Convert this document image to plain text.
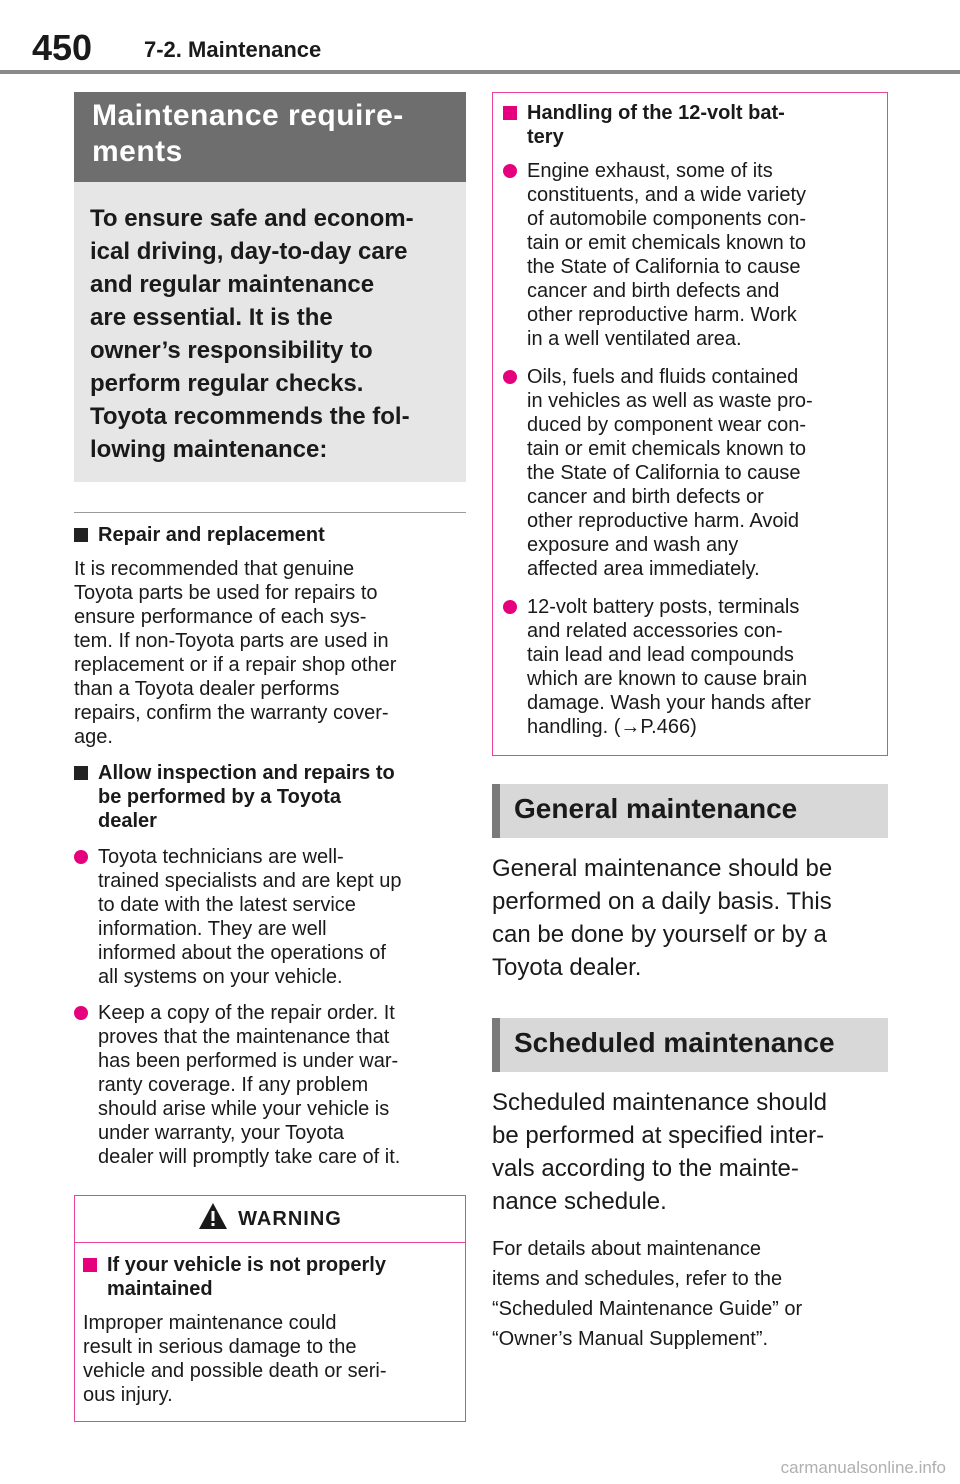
450 7-2. Maintenance
Maintenance require-
ments
To ensure safe and econom-
ical driving, day-to-day care
and regular maintenance
are essential. It is the
owner’s responsibility to
perform regular checks.
Toyota recommends the fol-
lowing maintenance:
Repair and replacement
It is recommended that genuine
Toyota parts be used for repairs to
ensure performance of each sys-
tem. If non-Toyota parts are used in
replacement or if a repair shop other
than a Toyota dealer performs
repairs, confirm the warranty cover-
age.
Allow inspection and repairs to
be performed by a Toyota
dealer
Toyota technicians are well-
trained specialists and are kept up
to date with the latest service
information. They are well
informed about the operations of
all systems on your vehicle.
Keep a copy of the repair order. It
proves that the maintenance that
has been performed is under war-
ranty coverage. If any problem
should arise while your vehicle is
under warranty, your Toyota
dealer will promptly take care of it.
WARNING
If your vehicle is not properly
maintained
Improper maintenance could
result in serious damage to the
vehicle and possible death or seri-
ous injury.
Handling of the 12-volt bat-
tery
Engine exhaust, some of its
constituents, and a wide variety
of automobile components con-
tain or emit chemicals known to
the State of California to cause
cancer and birth defects and
other reproductive harm. Work
in a well ventilated area.
Oils, fuels and fluids contained
in vehicles as well as waste pro-
duced by component wear con-
tain or emit chemicals known to
the State of California to cause
cancer and birth defects or
other reproductive harm. Avoid
exposure and wash any
affected area immediately.
12-volt battery posts, terminals
and related accessories con-
tain lead and lead compounds
which are known to cause brain
damage. Wash your hands after
handling. (→P.466)
General maintenance
General maintenance should be
performed on a daily basis. This
can be done by yourself or by a
Toyota dealer.
Scheduled maintenance
Scheduled maintenance should
be performed at specified inter-
vals according to the mainte-
nance schedule.
For details about maintenance
items and schedules, refer to the
“Scheduled Maintenance Guide” or
“Owner’s Manual Supplement”.
carmanualsonline.info
